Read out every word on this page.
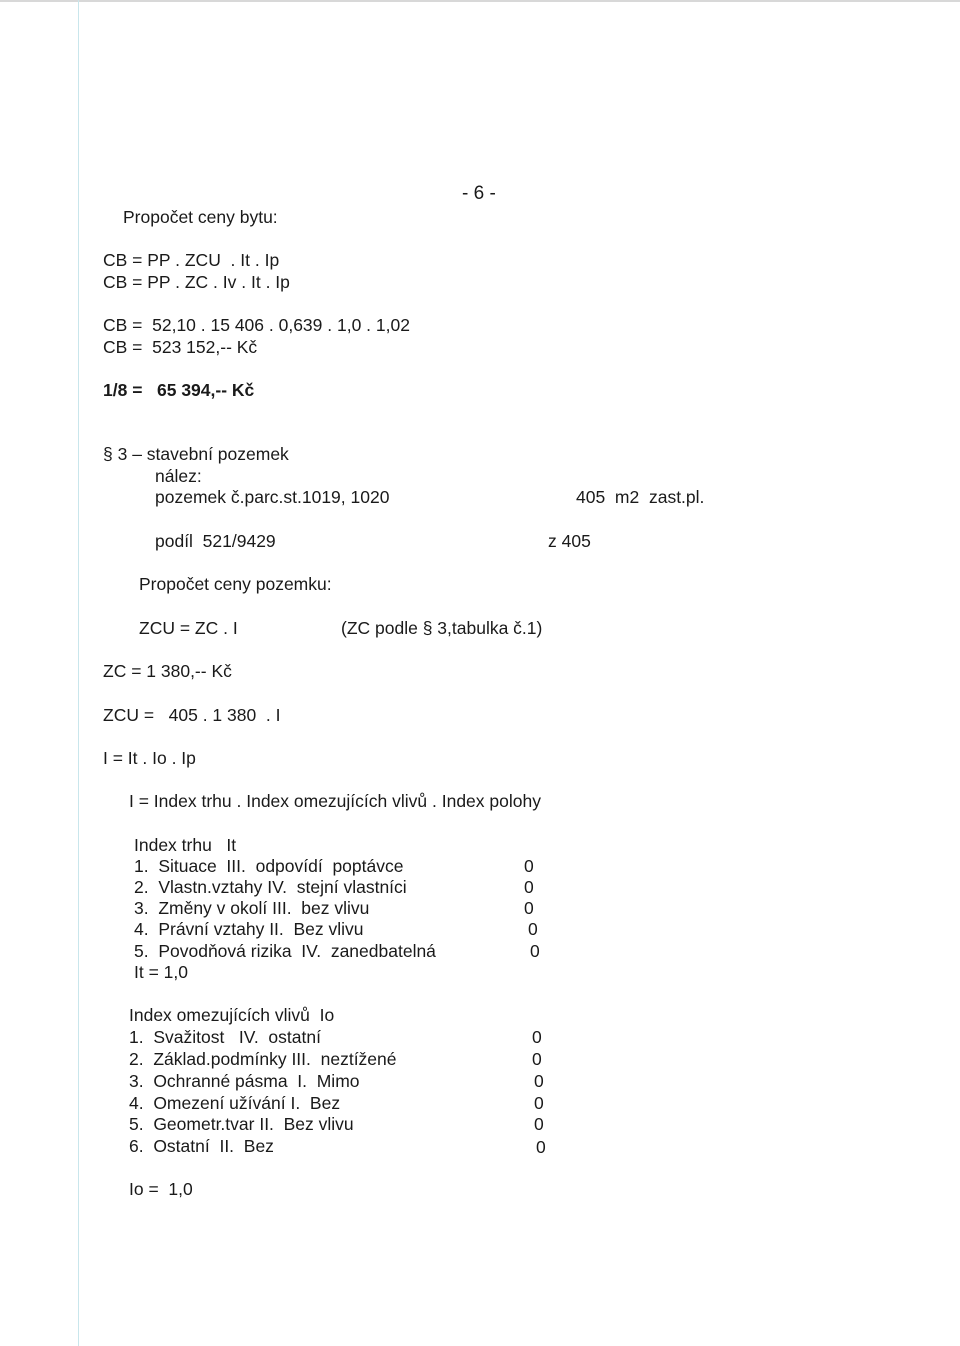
- 6 -
Propočet ceny bytu:
CB = PP . ZCU  . It . Ip
CB = PP . ZC . Iv . It . Ip
CB =  52,10 . 15 406 . 0,639 . 1,0 . 1,02
CB =  523 152,-- Kč
1/8 =   65 394,-- Kč
§ 3 – stavební pozemek
nález:
pozemek č.parc.st.1019, 1020	405  m2  zast.pl.
podíl  521/9429	z 405
Propočet ceny pozemku:
ZCU = ZC . I	(ZC podle § 3,tabulka č.1)
ZC = 1 380,-- Kč
ZCU =   405 . 1 380  . I
I = It . Io . Ip
I = Index trhu . Index omezujících vlivů . Index polohy
Index trhu   It
1.  Situace  III.  odpovídí  poptávce	0
2.  Vlastn.vztahy IV.  stejní vlastníci	0
3.  Změny v okolí III.  bez vlivu	0
4.  Právní vztahy II.  Bez vlivu	0
5.  Povodňová rizika  IV.  zanedbatelná	0
It = 1,0
Index omezujících vlivů  Io
1.  Svažitost   IV.  ostatní	0
2.  Základ.podmínky III.  neztížené	0
3.  Ochranné pásma  I.  Mimo	0
4.  Omezení užívání I.  Bez	0
5.  Geometr.tvar II.  Bez vlivu	0
6.  Ostatní  II.  Bez	0
Io =  1,0
